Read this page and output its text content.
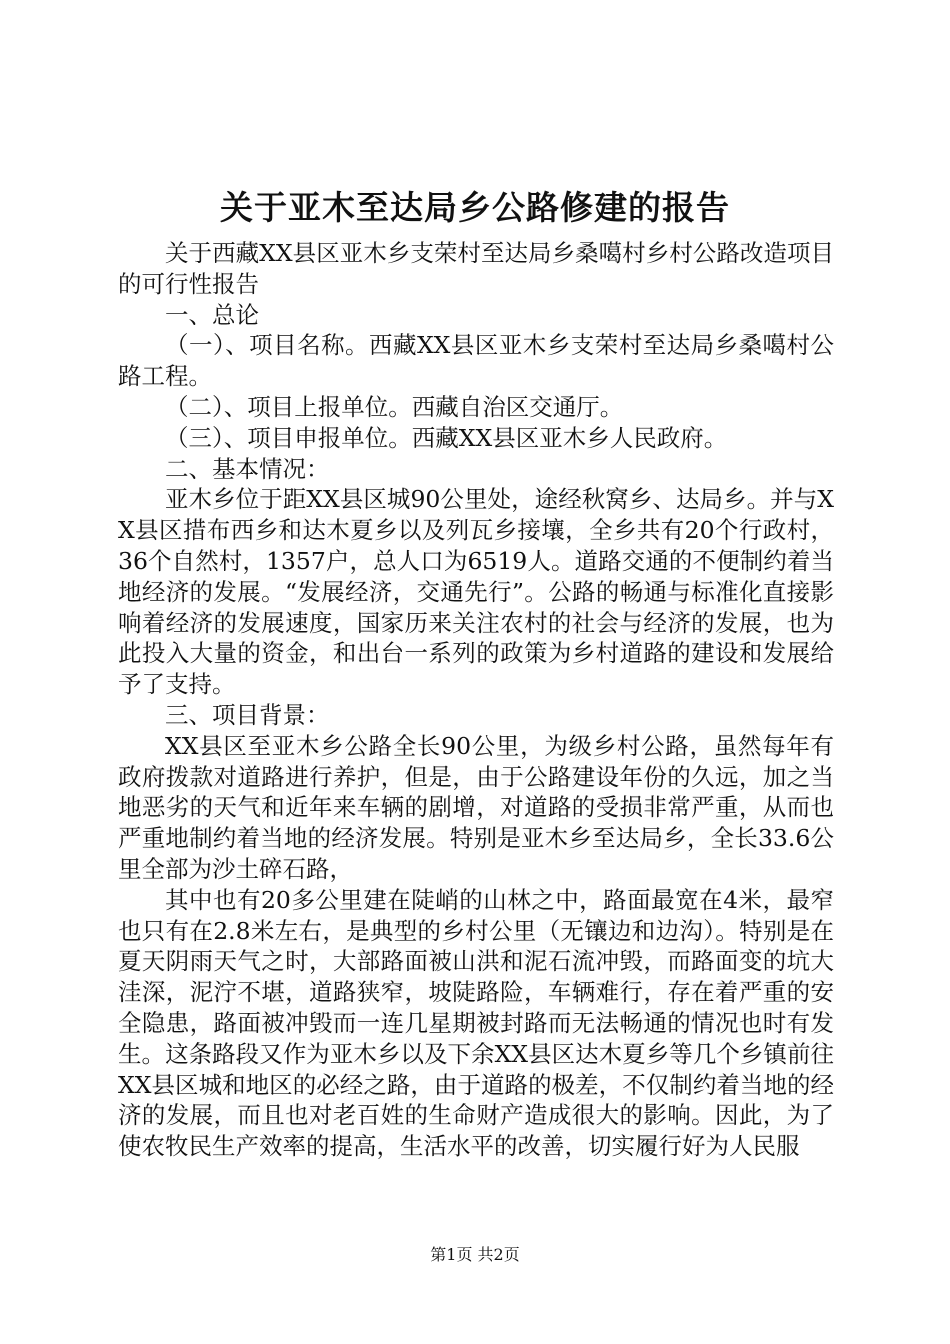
关于亚木至达局乡公路修建的报告

关于西藏XX县区亚木乡支荣村至达局乡桑噶村乡村公路改造项目的可行性报告

一、总论

（一）、项目名称。西藏XX县区亚木乡支荣村至达局乡桑噶村公路工程。

（二）、项目上报单位。西藏自治区交通厅。

（三）、项目申报单位。西藏XX县区亚木乡人民政府。

二、基本情况：

亚木乡位于距XX县区城90公里处，途经秋窝乡、达局乡。并与XX县区措布西乡和达木夏乡以及列瓦乡接壤，全乡共有20个行政村，36个自然村，1357户，总人口为6519人。道路交通的不便制约着当地经济的发展。“发展经济，交通先行”。公路的畅通与标准化直接影响着经济的发展速度，国家历来关注农村的社会与经济的发展，也为此投入大量的资金，和出台一系列的政策为乡村道路的建设和发展给予了支持。

三、项目背景：

XX县区至亚木乡公路全长90公里，为级乡村公路，虽然每年有政府拨款对道路进行养护，但是，由于公路建设年份的久远，加之当地恶劣的天气和近年来车辆的剧增，对道路的受损非常严重，从而也严重地制约着当地的经济发展。特别是亚木乡至达局乡，全长33.6公里全部为沙土碎石路，

其中也有20多公里建在陡峭的山林之中，路面最宽在4米，最窄也只有在2.8米左右，是典型的乡村公里（无镶边和边沟）。特别是在夏天阴雨天气之时，大部路面被山洪和泥石流冲毁，而路面变的坑大洼深，泥泞不堪，道路狭窄，坡陡路险，车辆难行，存在着严重的安全隐患，路面被冲毁而一连几星期被封路而无法畅通的情况也时有发生。这条路段又作为亚木乡以及下余XX县区达木夏乡等几个乡镇前往XX县区城和地区的必经之路，由于道路的极差，不仅制约着当地的经济的发展，而且也对老百姓的生命财产造成很大的影响。因此，为了使农牧民生产效率的提高，生活水平的改善，切实履行好为人民服

第1页 共2页
